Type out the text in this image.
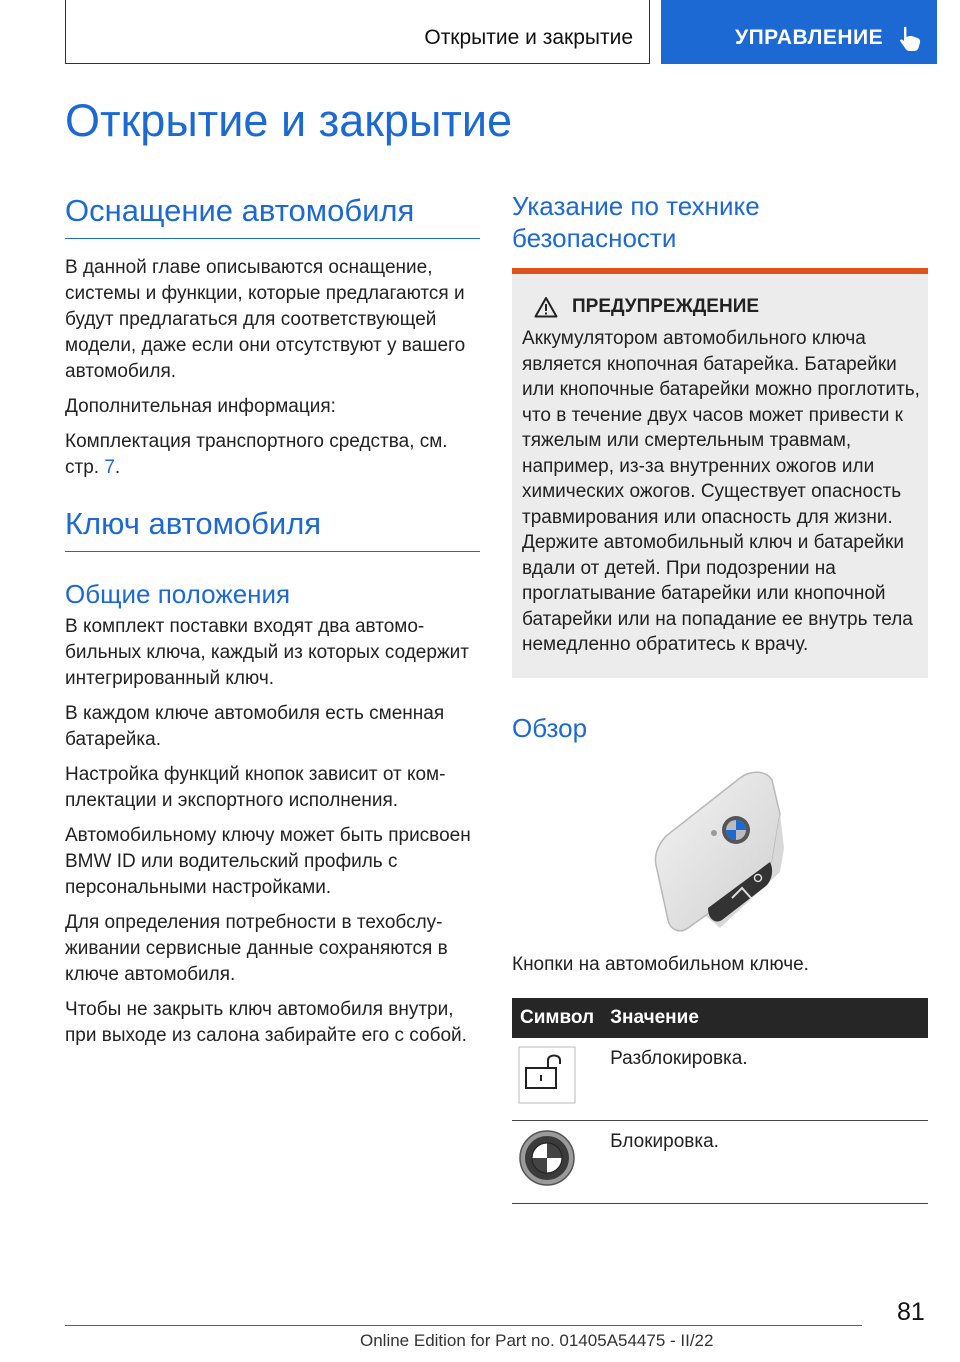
Открытие и закрытие	УПРАВЛЕНИЕ
Открытие и закрытие
Оснащение автомобиля

В данной главе описываются оснащение, системы и функции, которые предлагаются и будут предлагаться для соответствующей модели, даже если они отсутствуют у вашего автомобиля.

Дополнительная информация:

Комплектация транспортного средства, см. стр. 7.

Ключ автомобиля
Общие положения

В комплект поставки входят два автомобильных ключа, каждый из которых содержит интегрированный ключ.

В каждом ключе автомобиля есть сменная батарейка.

Настройка функций кнопок зависит от комплектации и экспортного исполнения.

Автомобильному ключу может быть присвоен BMW ID или водительский профиль с персональными настройками.

Для определения потребности в техобслуживании сервисные данные сохраняются в ключе автомобиля.

Чтобы не закрыть ключ автомобиля внутри, при выходе из салона забирайте его с собой.

Указание по технике безопасности
ПРЕДУПРЕЖДЕНИЕ

Аккумулятором автомобильного ключа является кнопочная батарейка. Батарейки или кнопочные батарейки можно проглотить, что в течение двух часов может привести к тяжелым или смертельным травмам, например, из-за внутренних ожогов или химических ожогов. Существует опасность травмирования или опасность для жизни. Держите автомобильный ключ и батарейки вдали от детей. При подозрении на проглатывание батарейки или кнопочной батарейки или на попадание ее внутрь тела немедленно обратитесь к врачу.

Обзор

Кнопки на автомобильном ключе.

Символ	Значение
	Разблокировка.
	Блокировка.
81
Online Edition for Part no. 01405A54475 - II/22
